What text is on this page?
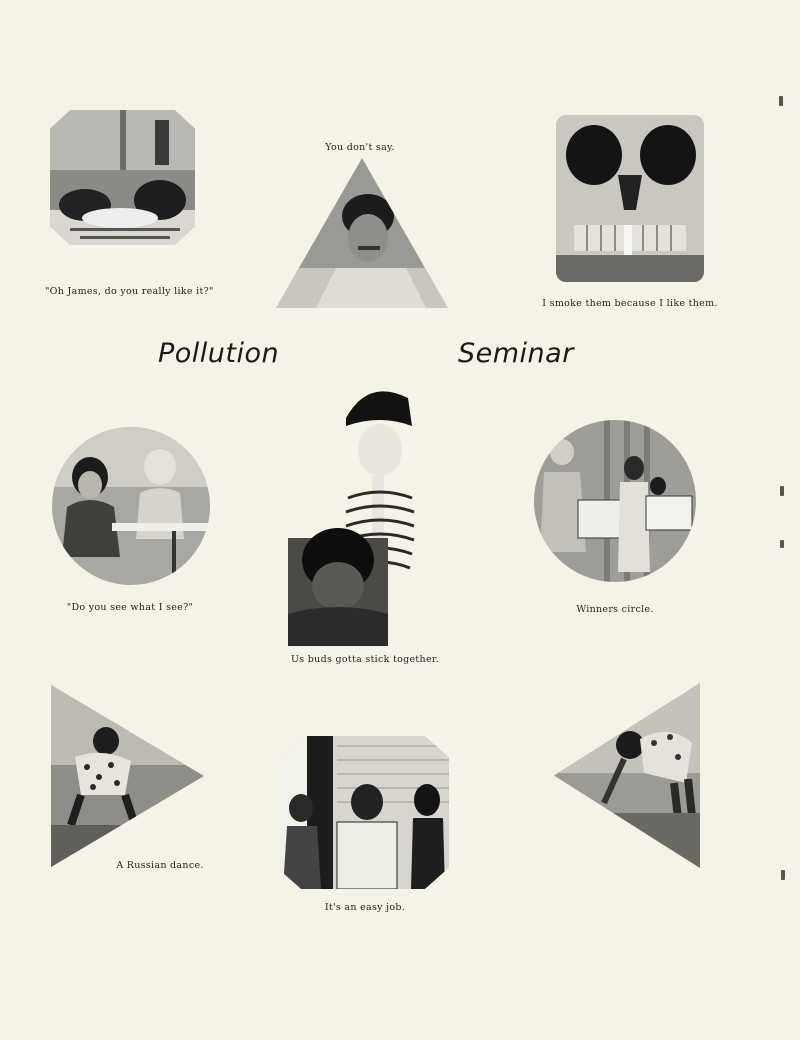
"Oh James, do you really like it?"
You don't say.
I smoke them because I like them.
Pollution	Seminar
"Do you see what I see?"
Us buds gotta stick together.
Winners circle.
A Russian dance.
It's an easy job.
